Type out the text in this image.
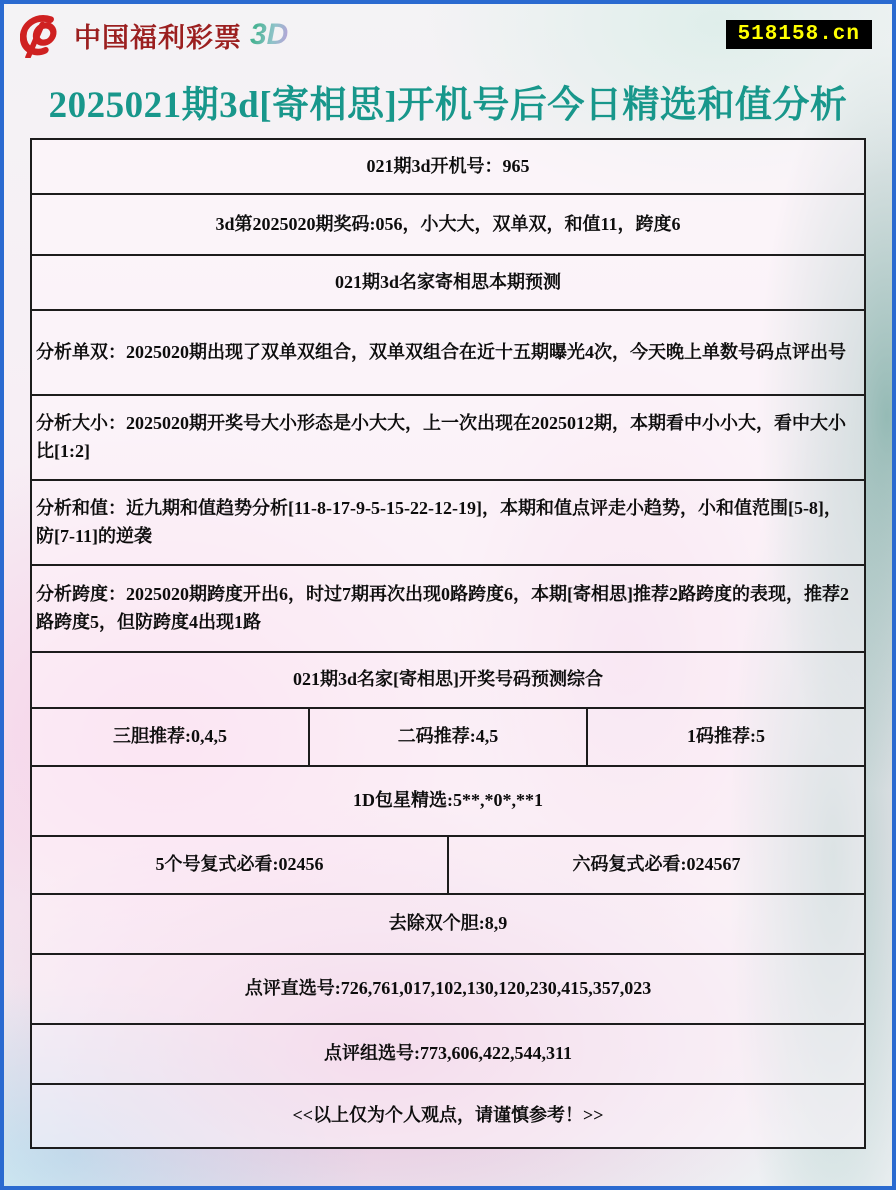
中国福利彩票 3D	518158.cn
2025021期3d[寄相思]开机号后今日精选和值分析
021期3d开机号：965
3d第2025020期奖码:056，小大大，双单双，和值11，跨度6
021期3d名家寄相思本期预测
分析单双：2025020期出现了双单双组合，双单双组合在近十五期曝光4次，今天晚上单数号码点评出号
分析大小：2025020期开奖号大小形态是小大大，上一次出现在2025012期，本期看中小小大，看中大小比[1:2]
分析和值：近九期和值趋势分析[11-8-17-9-5-15-22-12-19]，本期和值点评走小趋势，小和值范围[5-8]，防[7-11]的逆袭
分析跨度：2025020期跨度开出6，时过7期再次出现0路跨度6，本期[寄相思]推荐2路跨度的表现，推荐2路跨度5，但防跨度4出现1路
021期3d名家[寄相思]开奖号码预测综合
三胆推荐:0,4,5	二码推荐:4,5	1码推荐:5
1D包星精选:5**,*0*,**1
5个号复式必看:02456	六码复式必看:024567
去除双个胆:8,9
点评直选号:726,761,017,102,130,120,230,415,357,023
点评组选号:773,606,422,544,311
<<以上仅为个人观点，请谨慎参考！>>
